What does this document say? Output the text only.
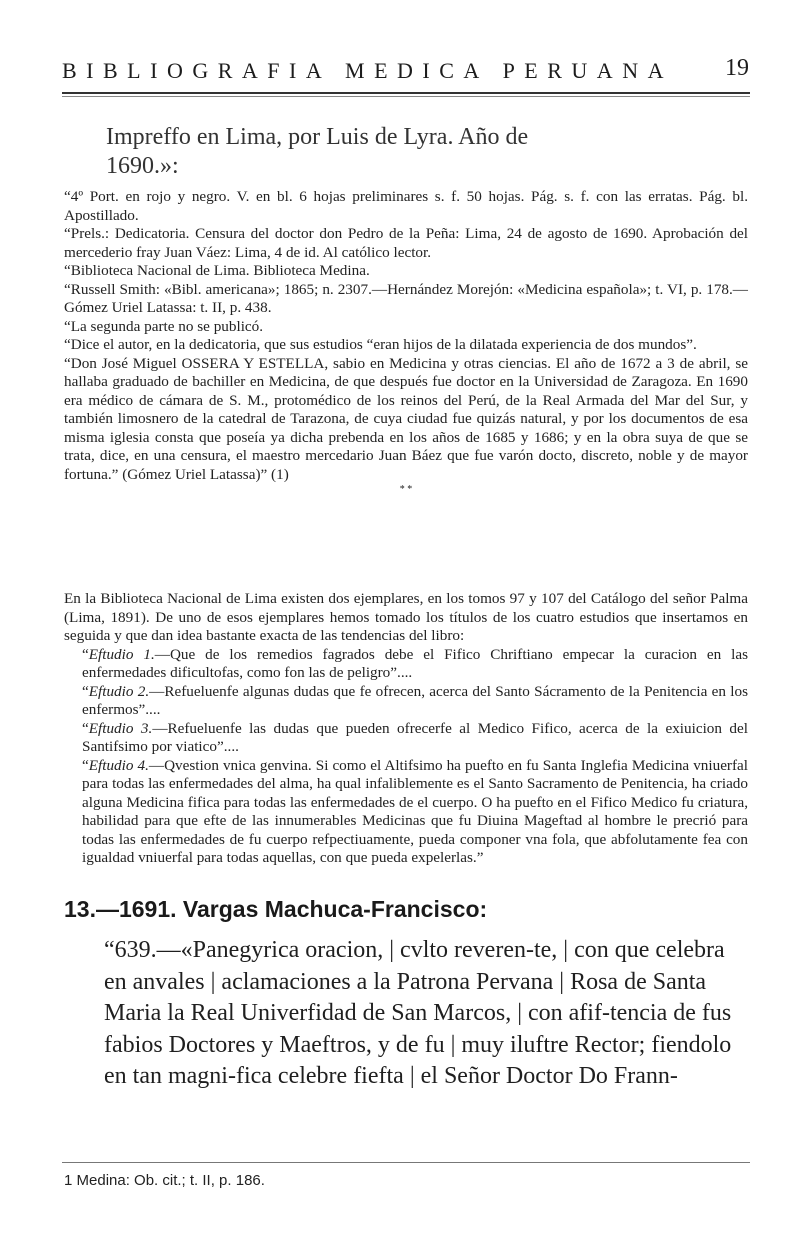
BIBLIOGRAFIA MEDICA PERUANA	19
Impreffo en Lima, por Luis de Lyra. Año de
1690.»:

“4º Port. en rojo y negro. V. en bl. 6 hojas preliminares s. f. 50 hojas. Pág. s. f. con las erratas. Pág. bl. Apostillado.

“Prels.: Dedicatoria. Censura del doctor don Pedro de la Peña: Lima, 24 de agosto de 1690. Aprobación del mercederio fray Juan Váez: Lima, 4 de id. Al católico lector.

“Biblioteca Nacional de Lima. Biblioteca Medina.

“Russell Smith: «Bibl. americana»; 1865; n. 2307.—Hernández Morejón: «Medicina española»; t. VI, p. 178.—Gómez Uriel Latassa: t. II, p. 438.

“La segunda parte no se publicó.

“Dice el autor, en la dedicatoria, que sus estudios “eran hijos de la dilatada experiencia de dos mundos”.

“Don José Miguel OSSERA Y ESTELLA, sabio en Medicina y otras ciencias. El año de 1672 a 3 de abril, se hallaba graduado de bachiller en Medicina, de que después fue doctor en la Universidad de Zaragoza. En 1690 era médico de cámara de S. M., protomédico de los reinos del Perú, de la Real Armada del Mar del Sur, y también limosnero de la catedral de Tarazona, de cuya ciudad fue quizás natural, y por los documentos de esa misma iglesia consta que poseía ya dicha prebenda en los años de 1685 y 1686; y en la obra suya de que se trata, dice, en una censura, el maestro mercedario Juan Báez que fue varón docto, discreto, noble y de mayor fortuna.” (Gómez Uriel Latassa)” (1)

* *

En la Biblioteca Nacional de Lima existen dos ejemplares, en los tomos 97 y 107 del Catálogo del señor Palma (Lima, 1891). De uno de esos ejemplares hemos tomado los títulos de los cuatro estudios que insertamos en seguida y que dan idea bastante exacta de las tendencias del libro:

“Eftudio 1.—Que de los remedios fagrados debe el Fifico Chriftiano empecar la curacion en las enfermedades dificultofas, como fon las de peligro”....

“Eftudio 2.—Refueluenfe algunas dudas que fe ofrecen, acerca del Santo Sácramento de la Penitencia en los enfermos”....

“Eftudio 3.—Refueluenfe las dudas que pueden ofrecerfe al Medico Fifico, acerca de la exiuicion del Santifsimo por viatico”....

“Eftudio 4.—Qvestion vnica genvina. Si como el Altifsimo ha puefto en fu Santa Inglefia Medicina vniuerfal para todas las enfermedades del alma, ha qual infaliblemente es el Santo Sacramento de Penitencia, ha criado alguna Medicina fifica para todas las enfermedades de el cuerpo. O ha puefto en el Fifico Medico fu criatura, habilidad para que efte de las innumerables Medicinas que fu Diuina Mageftad al hombre le precrió para todas las enfermedades de fu cuerpo refpectiuamente, pueda componer vna fola, que abfolutamente fea con igualdad vniuerfal para todas aquellas, con que pueda expelerlas.”

13.—1691. Vargas Machuca-Francisco:

“639.—«Panegyrica oracion, | cvlto reveren-te, | con que celebra en anvales | aclamaciones a la Patrona Pervana | Rosa de Santa Maria la Real Univerfidad de San Marcos, | con afif-tencia de fus fabios Doctores y Maeftros, y de fu | muy iluftre Rector; fiendolo en tan magni-fica celebre fiefta | el Señor Doctor Do Frann-

1 Medina: Ob. cit.; t. II, p. 186.
